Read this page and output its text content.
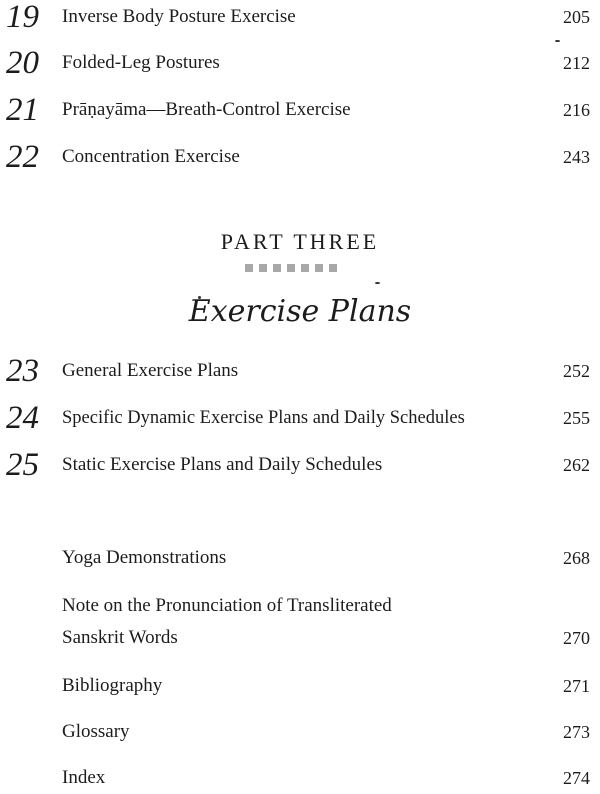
19 Inverse Body Posture Exercise	205
20 Folded-Leg Postures	212
21 Prāṇayāma—Breath-Control Exercise	216
22 Concentration Exercise	243
PART THREE
Exercise Plans
23 General Exercise Plans	252
24 Specific Dynamic Exercise Plans and Daily Schedules	255
25 Static Exercise Plans and Daily Schedules	262
Yoga Demonstrations	268
Note on the Pronunciation of Transliterated
Sanskrit Words	270
Bibliography	271
Glossary	273
Index	274
